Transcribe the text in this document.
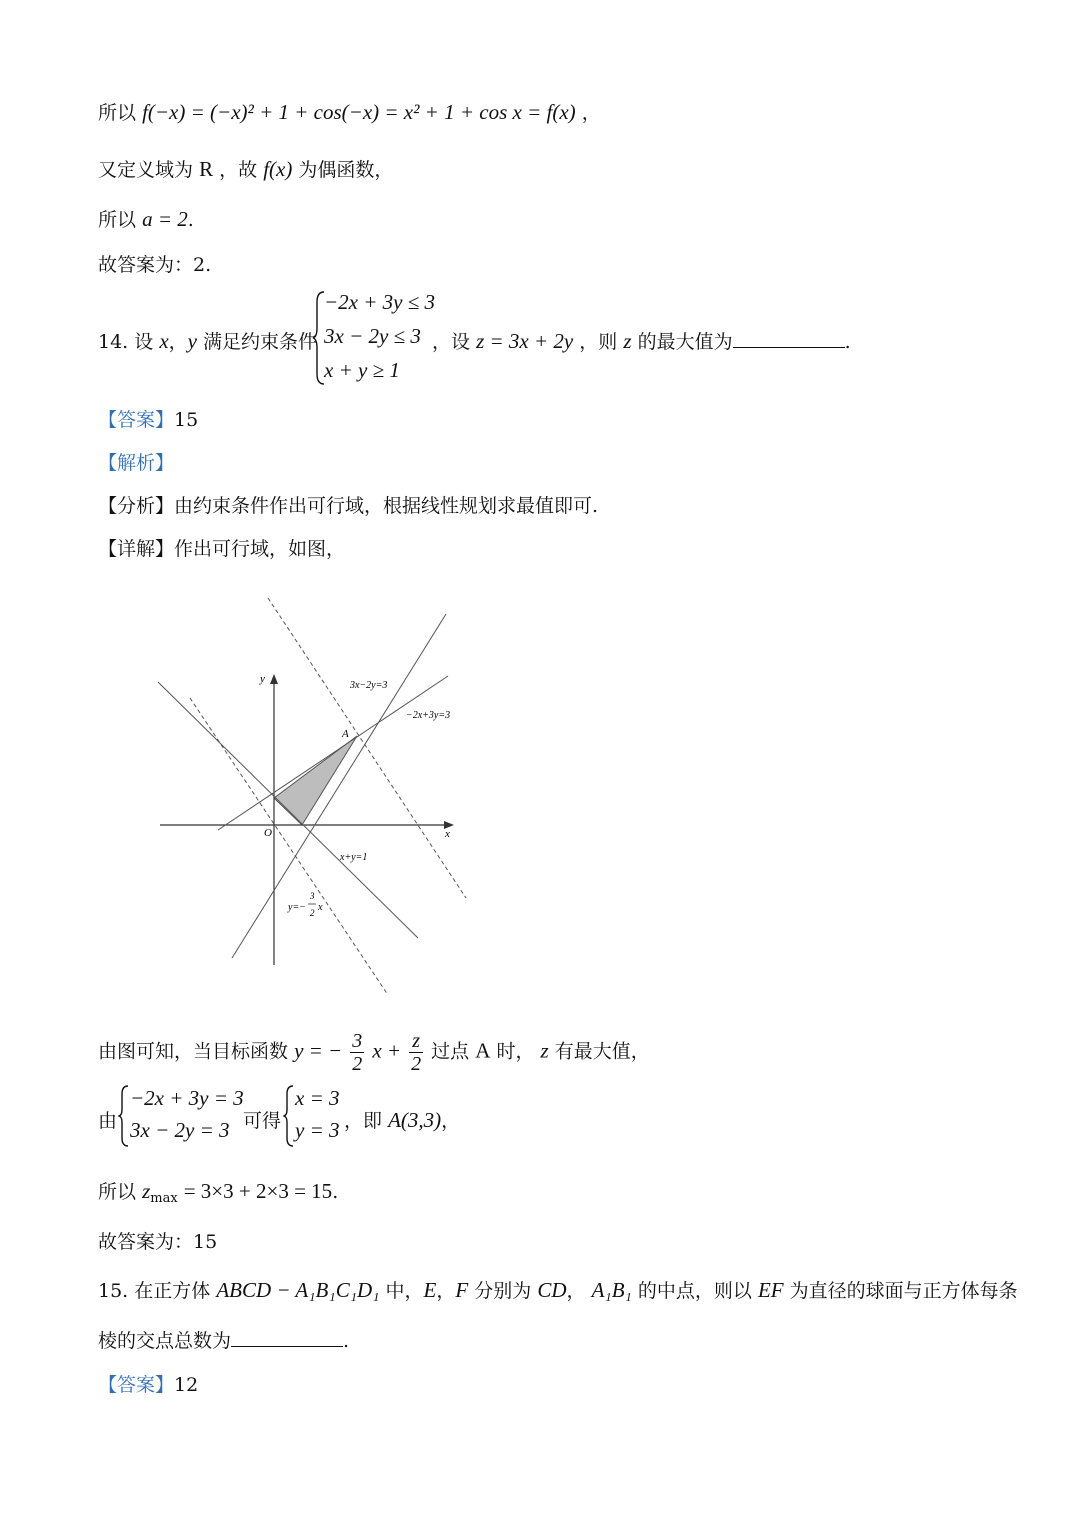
所以 f(−x) = (−x)² + 1 + cos(−x) = x² + 1 + cos x = f(x) ，
又定义域为 R ，故 f(x) 为偶函数，
所以 a = 2.
故答案为：2.
14. 设 x，y 满足约束条件
−2x + 3y ≤ 3
3x − 2y ≤ 3
x + y ≥ 1
，设 z = 3x + 2y ，则 z 的最大值为	.
【答案】15
【解析】
【分析】由约束条件作出可行域，根据线性规划求最值即可.
【详解】作出可行域，如图，
y
x
O
A
3x−2y=3
−2x+3y=3
x+y=1
y=−
3
2 x
由图可知，当目标函数 y = − $\frac{3}{2}$ $x + \frac{z}{2}$ 过点 A 时， z 有最大值，
由
−2x + 3y = 3
3x − 2y = 3 可得
x = 3
y = 3 ，即 A(3,3)，
所以 $z_{max} = 3\times 3 + 2\times 3 = 15$.
故答案为：15
15. 在正方体 ABCD − A₁B₁C₁D₁ 中，E，F 分别为 CD， A₁B₁ 的中点，则以 EF 为直径的球面与正方体每条
棱的交点总数为	.
【答案】12
